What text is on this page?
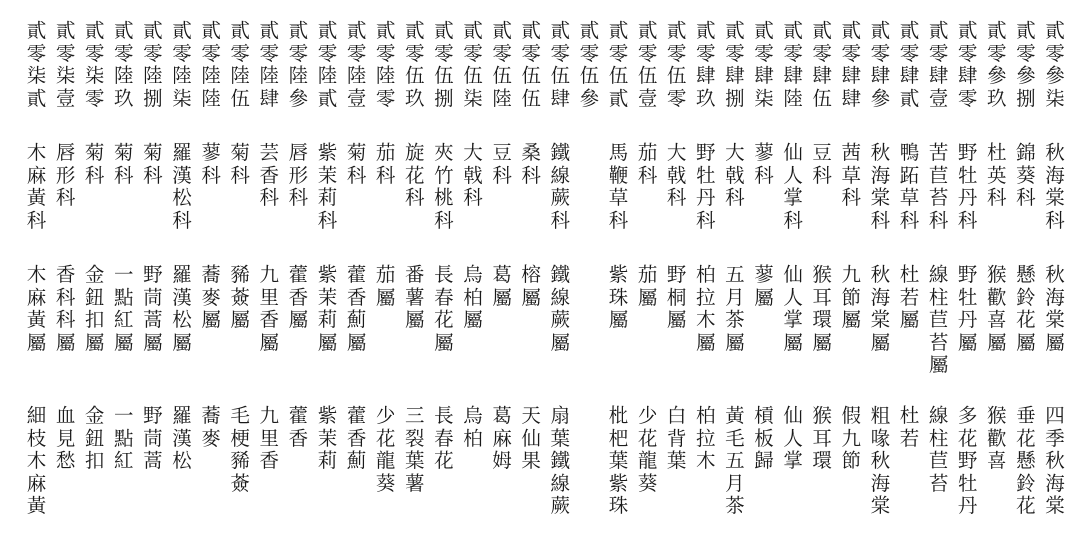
貳零參柒
秋海棠科
秋海棠屬
四季秋海棠
貳零參捌
錦葵科
懸鈴花屬
垂花懸鈴花
貳零參玖
杜英科
猴歡喜屬
猴歡喜
貳零肆零
野牡丹科
野牡丹屬
多花野牡丹
貳零肆壹
苦苣苔科
線柱苣苔屬
線柱苣苔
貳零肆貳
鴨跖草科
杜若屬
杜若
貳零肆參
秋海棠科
秋海棠屬
粗喙秋海棠
貳零肆肆
茜草科
九節屬
假九節
貳零肆伍
豆科
猴耳環屬
猴耳環
貳零肆陸
仙人掌科
仙人掌屬
仙人掌
貳零肆柒
蓼科
蓼屬
槓板歸
貳零肆捌
大戟科
五月茶屬
黃毛五月茶
貳零肆玖
野牡丹科
柏拉木屬
柏拉木
貳零伍零
大戟科
野桐屬
白背葉
貳零伍壹
茄科
茄屬
少花龍葵
貳零伍貳
馬鞭草科
紫珠屬
枇杷葉紫珠
貳零伍參
貳零伍肆
鐵線蕨科
鐵線蕨屬
扇葉鐵線蕨
貳零伍伍
桑科
榕屬
天仙果
貳零伍陸
豆科
葛屬
葛麻姆
貳零伍柒
大戟科
烏柏屬
烏柏
貳零伍捌
夾竹桃科
長春花屬
長春花
貳零伍玖
旋花科
番薯屬
三裂葉薯
貳零陸零
茄科
茄屬
少花龍葵
貳零陸壹
菊科
藿香薊屬
藿香薊
貳零陸貳
紫茉莉科
紫茉莉屬
紫茉莉
貳零陸參
唇形科
藿香屬
藿香
貳零陸肆
芸香科
九里香屬
九里香
貳零陸伍
菊科
豨薟屬
毛梗豨薟
貳零陸陸
蓼科
蕎麥屬
蕎麥
貳零陸柒
羅漢松科
羅漢松屬
羅漢松
貳零陸捌
菊科
野茼蒿屬
野茼蒿
貳零陸玖
菊科
一點紅屬
一點紅
貳零柒零
菊科
金鈕扣屬
金鈕扣
貳零柒壹
唇形科
香科科屬
血見愁
貳零柒貳
木麻黃科
木麻黃屬
細枝木麻黃
